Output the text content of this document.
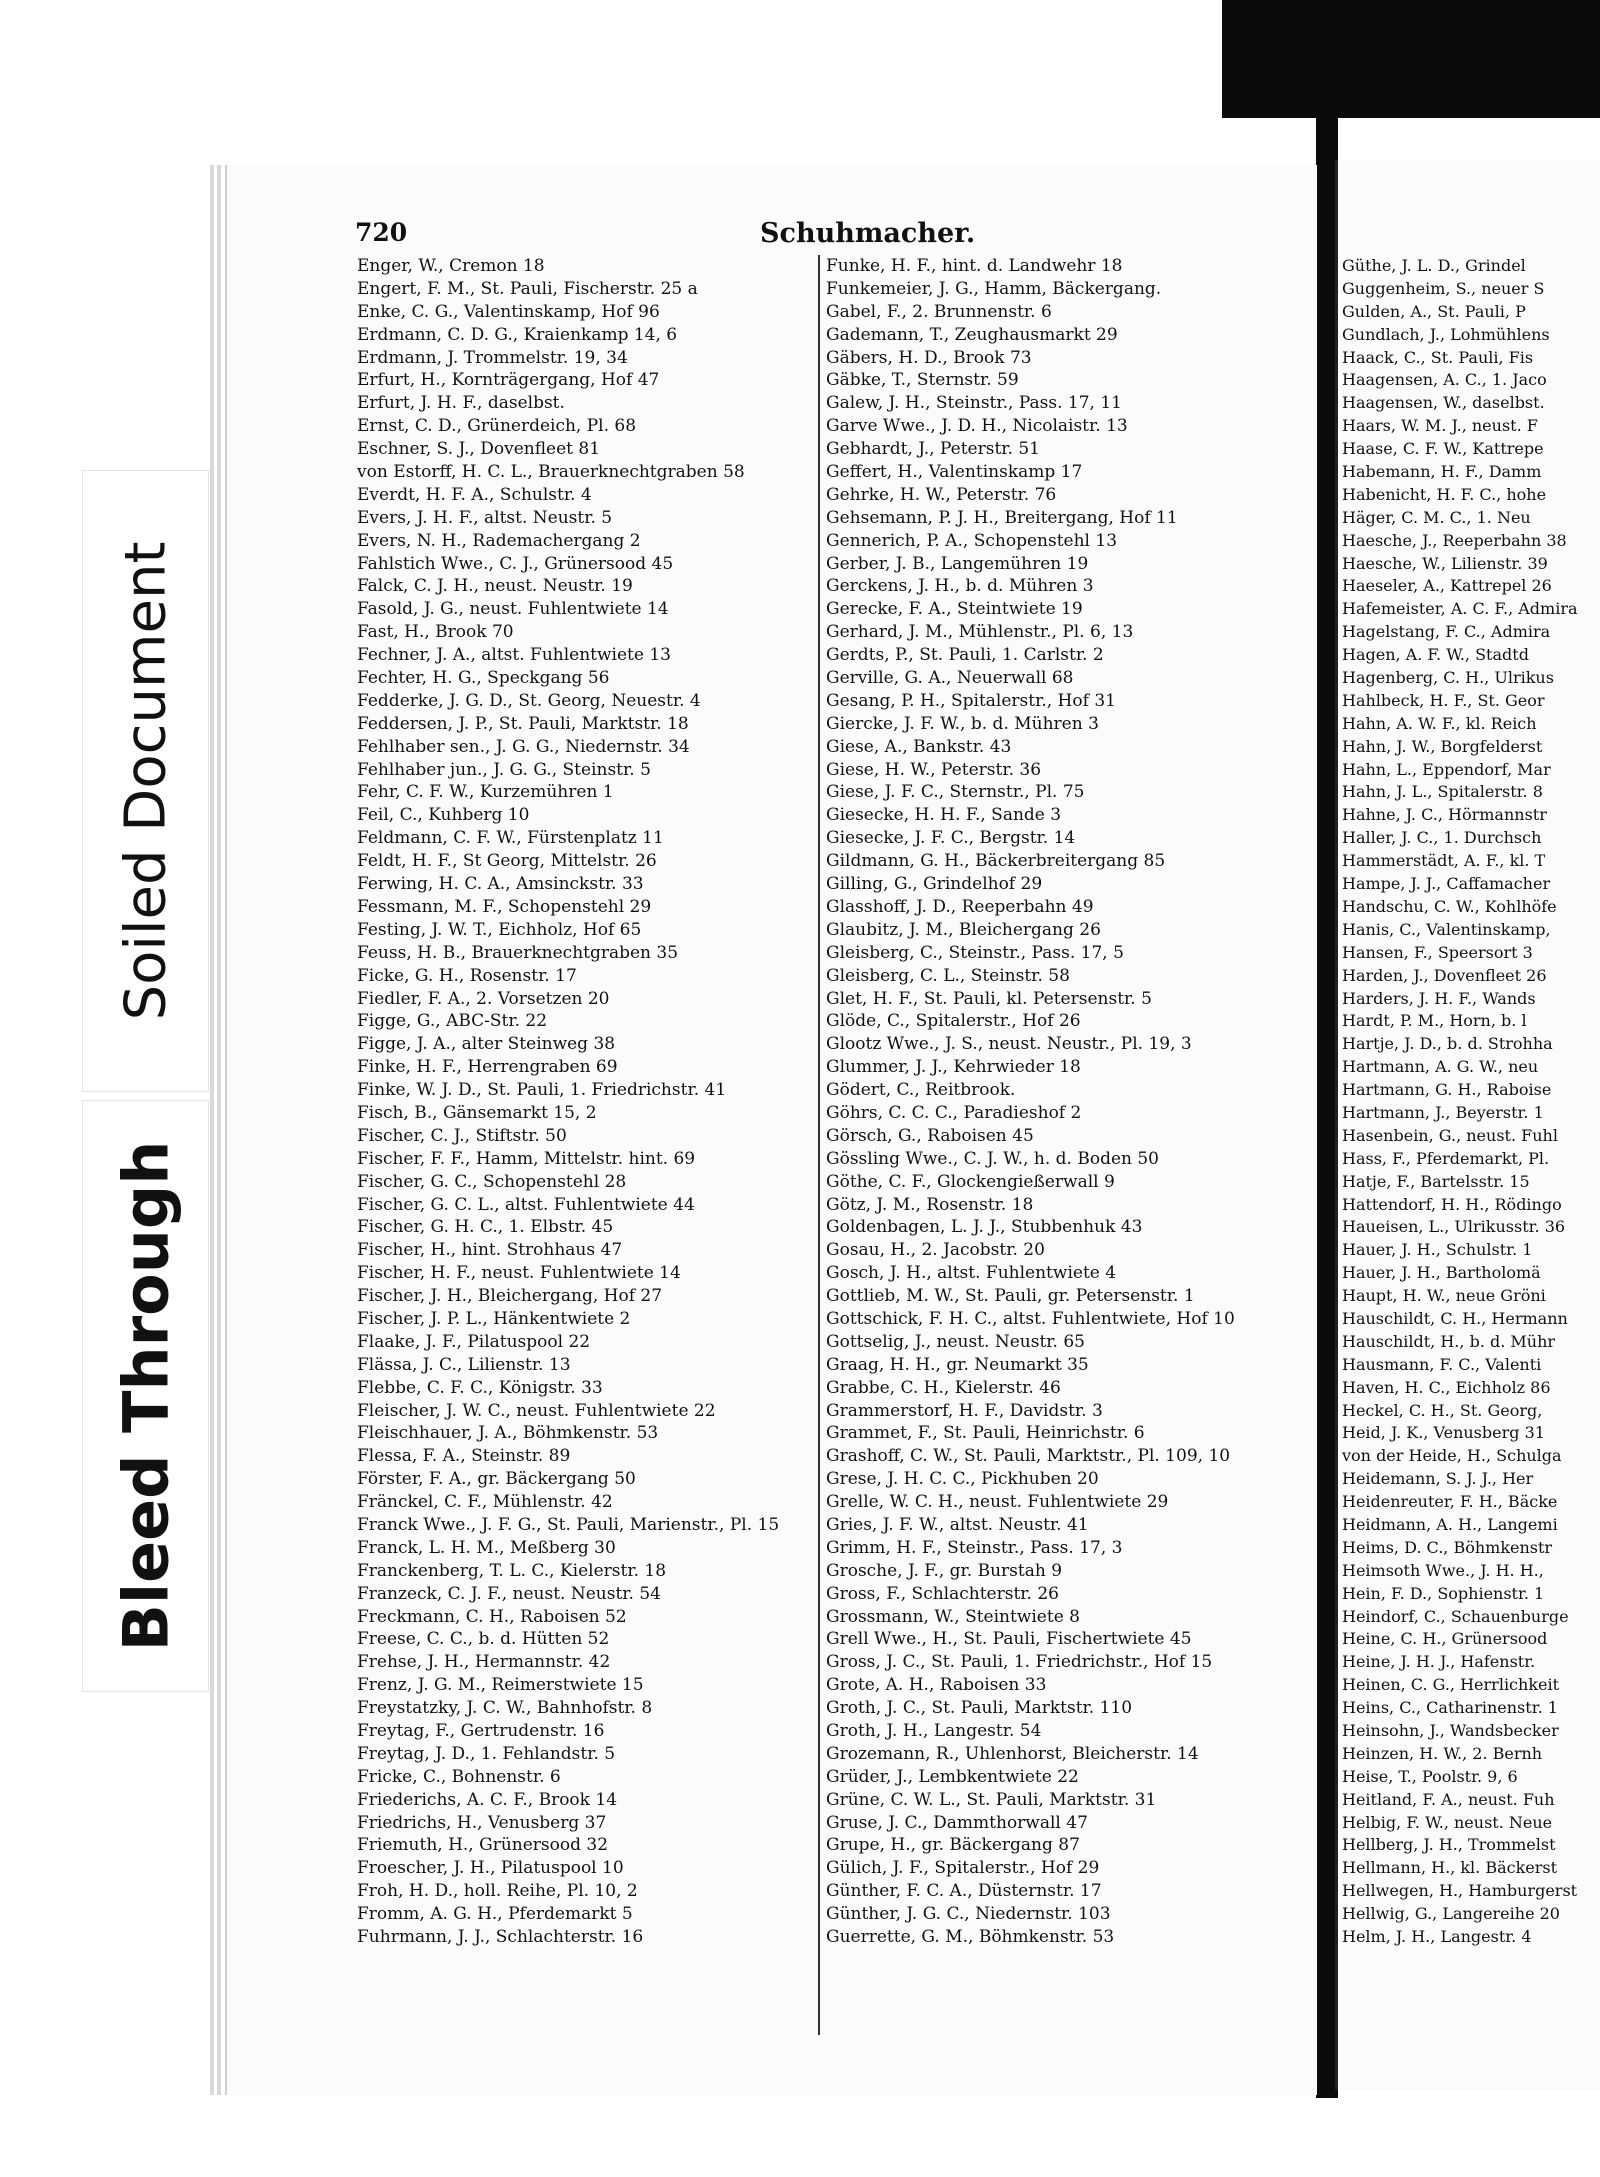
720	Schuhmacher.
Enger, W., Cremon 18
Engert, F. M., St. Pauli, Fischerstr. 25 a
Enke, C. G., Valentinskamp, Hof 96
Erdmann, C. D. G., Kraienkamp 14, 6
Erdmann, J. Trommelstr. 19, 34
Erfurt, H., Kornträgergang, Hof 47
Erfurt, J. H. F., daselbst.
Ernst, C. D., Grünerdeich, Pl. 68
Eschner, S. J., Dovenfleet 81
von Estorff, H. C. L., Brauerknechtgraben 58
Everdt, H. F. A., Schulstr. 4
Evers, J. H. F., altst. Neustr. 5
Evers, N. H., Rademachergang 2
Fahlstich Wwe., C. J., Grünersood 45
Falck, C. J. H., neust. Neustr. 19
Fasold, J. G., neust. Fuhlentwiete 14
Fast, H., Brook 70
Fechner, J. A., altst. Fuhlentwiete 13
Fechter, H. G., Speckgang 56
Fedderke, J. G. D., St. Georg, Neuestr. 4
Feddersen, J. P., St. Pauli, Marktstr. 18
Fehlhaber sen., J. G. G., Niedernstr. 34
Fehlhaber jun., J. G. G., Steinstr. 5
Fehr, C. F. W., Kurzemühren 1
Feil, C., Kuhberg 10
Feldmann, C. F. W., Fürstenplatz 11
Feldt, H. F., St Georg, Mittelstr. 26
Ferwing, H. C. A., Amsinckstr. 33
Fessmann, M. F., Schopenstehl 29
Festing, J. W. T., Eichholz, Hof 65
Feuss, H. B., Brauerknechtgraben 35
Ficke, G. H., Rosenstr. 17
Fiedler, F. A., 2. Vorsetzen 20
Figge, G., ABC-Str. 22
Figge, J. A., alter Steinweg 38
Finke, H. F., Herrengraben 69
Finke, W. J. D., St. Pauli, 1. Friedrichstr. 41
Fisch, B., Gänsemarkt 15, 2
Fischer, C. J., Stiftstr. 50
Fischer, F. F., Hamm, Mittelstr. hint. 69
Fischer, G. C., Schopenstehl 28
Fischer, G. C. L., altst. Fuhlentwiete 44
Fischer, G. H. C., 1. Elbstr. 45
Fischer, H., hint. Strohhaus 47
Fischer, H. F., neust. Fuhlentwiete 14
Fischer, J. H., Bleichergang, Hof 27
Fischer, J. P. L., Hänkentwiete 2
Flaake, J. F., Pilatuspool 22
Flässa, J. C., Lilienstr. 13
Flebbe, C. F. C., Königstr. 33
Fleischer, J. W. C., neust. Fuhlentwiete 22
Fleischhauer, J. A., Böhmkenstr. 53
Flessa, F. A., Steinstr. 89
Förster, F. A., gr. Bäckergang 50
Fränckel, C. F., Mühlenstr. 42
Franck Wwe., J. F. G., St. Pauli, Marienstr., Pl. 15
Franck, L. H. M., Meßberg 30
Franckenberg, T. L. C., Kielerstr. 18
Franzeck, C. J. F., neust. Neustr. 54
Freckmann, C. H., Raboisen 52
Freese, C. C., b. d. Hütten 52
Frehse, J. H., Hermannstr. 42
Frenz, J. G. M., Reimerstwiete 15
Freystatzky, J. C. W., Bahnhofstr. 8
Freytag, F., Gertrudenstr. 16
Freytag, J. D., 1. Fehlandstr. 5
Fricke, C., Bohnenstr. 6
Friederichs, A. C. F., Brook 14
Friedrichs, H., Venusberg 37
Friemuth, H., Grünersood 32
Froescher, J. H., Pilatuspool 10
Froh, H. D., holl. Reihe, Pl. 10, 2
Fromm, A. G. H., Pferdemarkt 5
Fuhrmann, J. J., Schlachterstr. 16
Funke, H. F., hint. d. Landwehr 18
Funkemeier, J. G., Hamm, Bäckergang.
Gabel, F., 2. Brunnenstr. 6
Gademann, T., Zeughausmarkt 29
Gäbers, H. D., Brook 73
Gäbke, T., Sternstr. 59
Galew, J. H., Steinstr., Pass. 17, 11
Garve Wwe., J. D. H., Nicolaistr. 13
Gebhardt, J., Peterstr. 51
Geffert, H., Valentinskamp 17
Gehrke, H. W., Peterstr. 76
Gehsemann, P. J. H., Breitergang, Hof 11
Gennerich, P. A., Schopenstehl 13
Gerber, J. B., Langemühren 19
Gerckens, J. H., b. d. Mühren 3
Gerecke, F. A., Steintwiete 19
Gerhard, J. M., Mühlenstr., Pl. 6, 13
Gerdts, P., St. Pauli, 1. Carlstr. 2
Gerville, G. A., Neuerwall 68
Gesang, P. H., Spitalerstr., Hof 31
Giercke, J. F. W., b. d. Mühren 3
Giese, A., Bankstr. 43
Giese, H. W., Peterstr. 36
Giese, J. F. C., Sternstr., Pl. 75
Giesecke, H. H. F., Sande 3
Giesecke, J. F. C., Bergstr. 14
Gildmann, G. H., Bäckerbreitergang 85
Gilling, G., Grindelhof 29
Glasshoff, J. D., Reeperbahn 49
Glaubitz, J. M., Bleichergang 26
Gleisberg, C., Steinstr., Pass. 17, 5
Gleisberg, C. L., Steinstr. 58
Glet, H. F., St. Pauli, kl. Petersenstr. 5
Glöde, C., Spitalerstr., Hof 26
Glootz Wwe., J. S., neust. Neustr., Pl. 19, 3
Glummer, J. J., Kehrwieder 18
Gödert, C., Reitbrook.
Göhrs, C. C. C., Paradieshof 2
Görsch, G., Raboisen 45
Gössling Wwe., C. J. W., h. d. Boden 50
Göthe, C. F., Glockengießerwall 9
Götz, J. M., Rosenstr. 18
Goldenbagen, L. J. J., Stubbenhuk 43
Gosau, H., 2. Jacobstr. 20
Gosch, J. H., altst. Fuhlentwiete 4
Gottlieb, M. W., St. Pauli, gr. Petersenstr. 1
Gottschick, F. H. C., altst. Fuhlentwiete, Hof 10
Gottselig, J., neust. Neustr. 65
Graag, H. H., gr. Neumarkt 35
Grabbe, C. H., Kielerstr. 46
Grammerstorf, H. F., Davidstr. 3
Grammet, F., St. Pauli, Heinrichstr. 6
Grashoff, C. W., St. Pauli, Marktstr., Pl. 109, 10
Grese, J. H. C. C., Pickhuben 20
Grelle, W. C. H., neust. Fuhlentwiete 29
Gries, J. F. W., altst. Neustr. 41
Grimm, H. F., Steinstr., Pass. 17, 3
Grosche, J. F., gr. Burstah 9
Gross, F., Schlachterstr. 26
Grossmann, W., Steintwiete 8
Grell Wwe., H., St. Pauli, Fischertwiete 45
Gross, J. C., St. Pauli, 1. Friedrichstr., Hof 15
Grote, A. H., Raboisen 33
Groth, J. C., St. Pauli, Marktstr. 110
Groth, J. H., Langestr. 54
Grozemann, R., Uhlenhorst, Bleicherstr. 14
Grüder, J., Lembkentwiete 22
Grüne, C. W. L., St. Pauli, Marktstr. 31
Gruse, J. C., Dammthorwall 47
Grupe, H., gr. Bäckergang 87
Gülich, J. F., Spitalerstr., Hof 29
Günther, F. C. A., Düsternstr. 17
Günther, J. G. C., Niedernstr. 103
Guerrette, G. M., Böhmkenstr. 53
Güthe, J. L. D., Grindel
Guggenheim, S., neuer S
Gulden, A., St. Pauli, P
Gundlach, J., Lohmühlens
Haack, C., St. Pauli, Fis
Haagensen, A. C., 1. Jaco
Haagensen, W., daselbst.
Haars, W. M. J., neust. F
Haase, C. F. W., Kattrepe
Habemann, H. F., Damm
Habenicht, H. F. C., hohe
Häger, C. M. C., 1. Neu
Haesche, J., Reeperbahn 38
Haesche, W., Lilienstr. 39
Haeseler, A., Kattrepel 26
Hafemeister, A. C. F., Admira
Hagelstang, F. C., Admira
Hagen, A. F. W., Stadtd
Hagenberg, C. H., Ulrikus
Hahlbeck, H. F., St. Geor
Hahn, A. W. F., kl. Reich
Hahn, J. W., Borgfelderst
Hahn, L., Eppendorf, Mar
Hahn, J. L., Spitalerstr. 8
Hahne, J. C., Hörmannstr
Haller, J. C., 1. Durchsch
Hammerstädt, A. F., kl. T
Hampe, J. J., Caffamacher
Handschu, C. W., Kohlhöfe
Hanis, C., Valentinskamp,
Hansen, F., Speersort 3
Harden, J., Dovenfleet 26
Harders, J. H. F., Wands
Hardt, P. M., Horn, b. l
Hartje, J. D., b. d. Strohha
Hartmann, A. G. W., neu
Hartmann, G. H., Raboise
Hartmann, J., Beyerstr. 1
Hasenbein, G., neust. Fuhl
Hass, F., Pferdemarkt, Pl.
Hatje, F., Bartelsstr. 15
Hattendorf, H. H., Rödingo
Haueisen, L., Ulrikusstr. 36
Hauer, J. H., Schulstr. 1
Hauer, J. H., Bartholomä
Haupt, H. W., neue Gröni
Hauschildt, C. H., Hermann
Hauschildt, H., b. d. Mühr
Hausmann, F. C., Valenti
Haven, H. C., Eichholz 86
Heckel, C. H., St. Georg,
Heid, J. K., Venusberg 31
von der Heide, H., Schulga
Heidemann, S. J. J., Her
Heidenreuter, F. H., Bäcke
Heidmann, A. H., Langemi
Heims, D. C., Böhmkenstr
Heimsoth Wwe., J. H. H.,
Hein, F. D., Sophienstr. 1
Heindorf, C., Schauenburge
Heine, C. H., Grünersood
Heine, J. H. J., Hafenstr.
Heinen, C. G., Herrlichkeit
Heins, C., Catharinenstr. 1
Heinsohn, J., Wandsbecker
Heinzen, H. W., 2. Bernh
Heise, T., Poolstr. 9, 6
Heitland, F. A., neust. Fuh
Helbig, F. W., neust. Neue
Hellberg, J. H., Trommelst
Hellmann, H., kl. Bäckerst
Hellwegen, H., Hamburgerst
Hellwig, G., Langereihe 20
Helm, J. H., Langestr. 4
Soiled Document
Bleed Through
